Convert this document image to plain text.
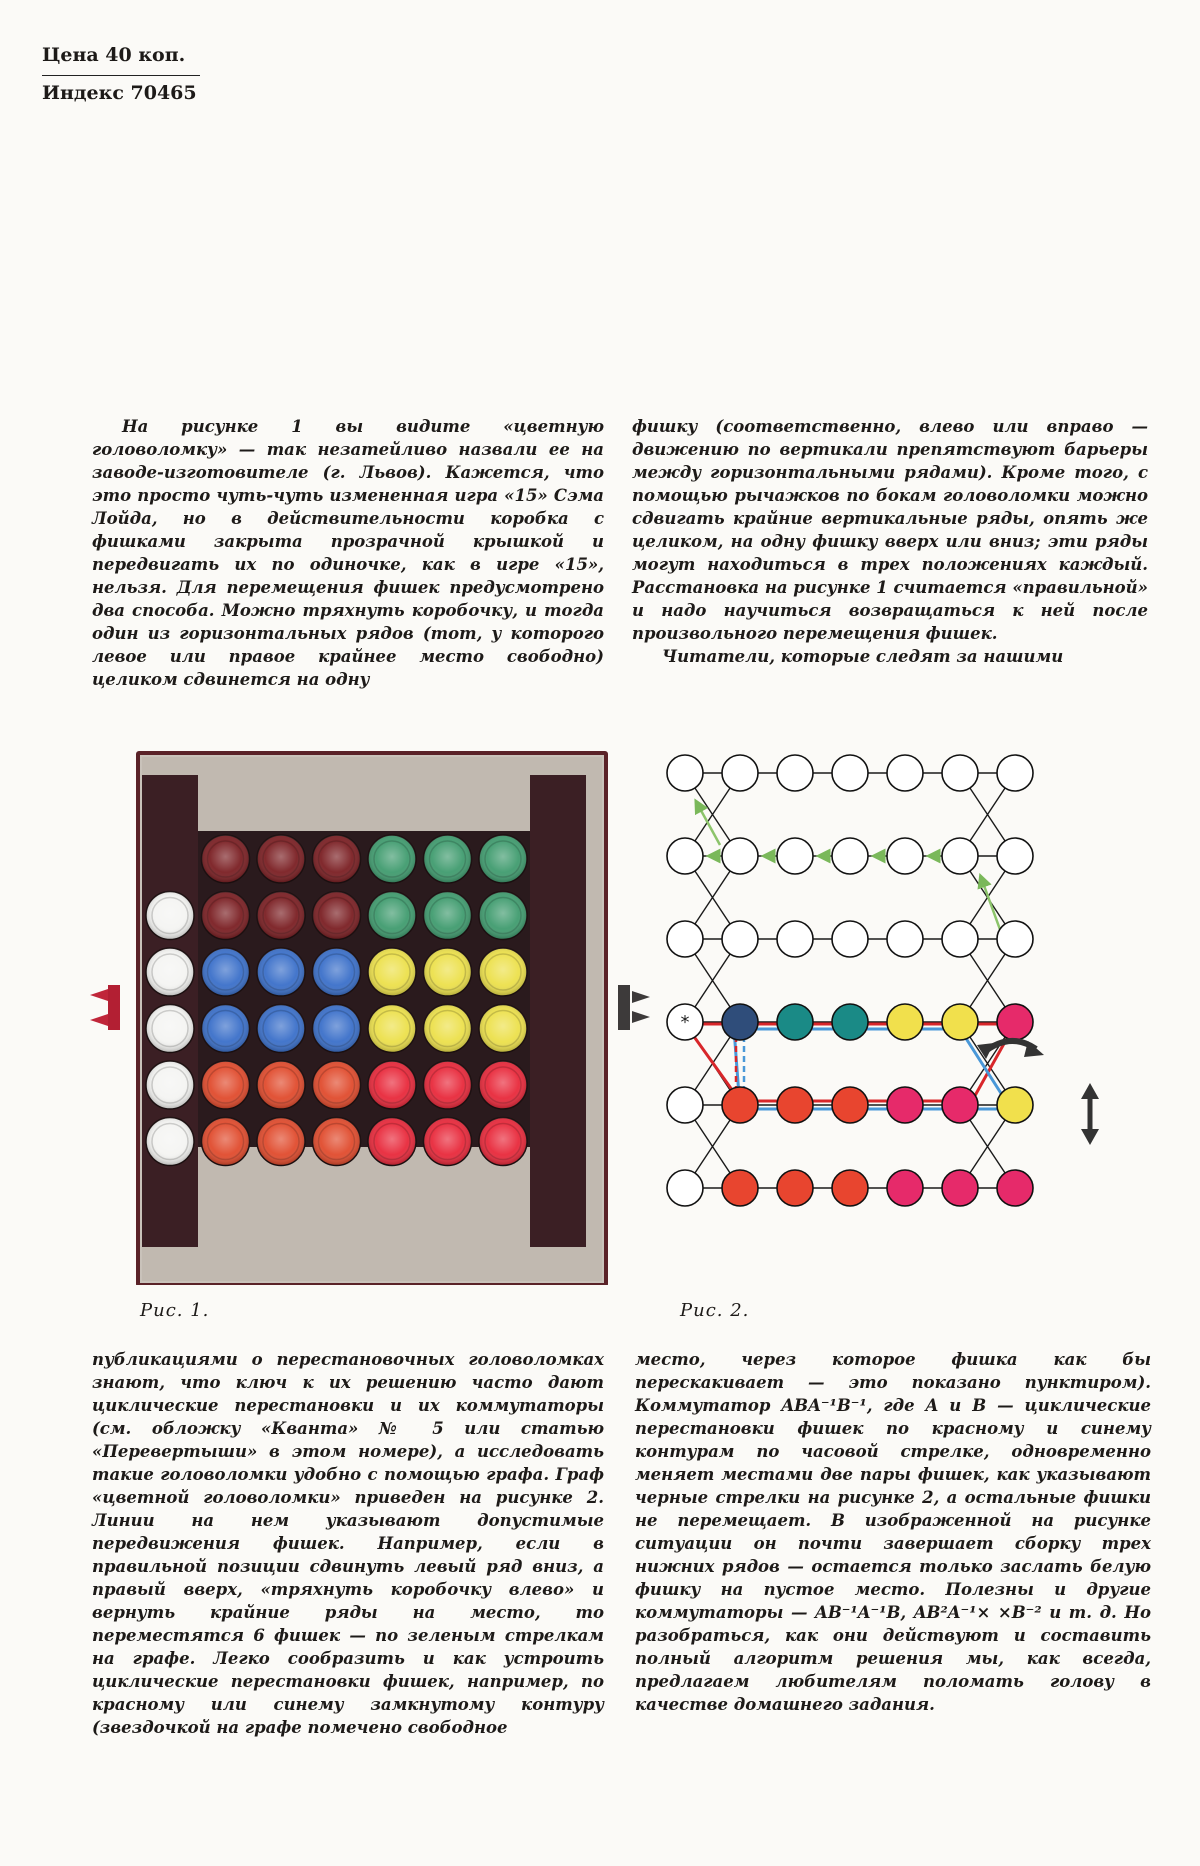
Цена 40 коп.
Индекс 70465

На рисунке 1 вы видите «цветную головоломку» — так незатейливо назвали ее на заводе-изготовителе (г. Львов). Кажется, что это просто чуть-чуть измененная игра «15» Сэма Лойда, но в действительности коробка с фишками закрыта прозрачной крышкой и передвигать их по одиночке, как в игре «15», нельзя. Для перемещения фишек предусмотрено два способа. Можно тряхнуть коробочку, и тогда один из горизонтальных рядов (тот, у которого левое или правое крайнее место свободно) целиком сдвинется на одну

фишку (соответственно, влево или вправо — движению по вертикали препятствуют барьеры между горизонтальными рядами). Кроме того, с помощью рычажков по бокам головоломки можно сдвигать крайние вертикальные ряды, опять же целиком, на одну фишку вверх или вниз; эти ряды могут находиться в трех положениях каждый. Расстановка на рисунке 1 считается «правильной» и надо научиться возвращаться к ней после произвольного перемещения фишек.

Читатели, которые следят за нашими

*
Рис. 1.	Рис. 2.

публикациями о перестановочных головоломках знают, что ключ к их решению часто дают циклические перестановки и их коммутаторы (см. обложку «Кванта» № 5 или статью «Перевертыши» в этом номере), а исследовать такие головоломки удобно с помощью графа. Граф «цветной головоломки» приведен на рисунке 2. Линии на нем указывают допустимые передвижения фишек. Например, если в правильной позиции сдвинуть левый ряд вниз, а правый вверх, «тряхнуть коробочку влево» и вернуть крайние ряды на место, то переместятся 6 фишек — по зеленым стрелкам на графе. Легко сообразить и как устроить циклические перестановки фишек, например, по красному или синему замкнутому контуру (звездочкой на графе помечено свободное

место, через которое фишка как бы перескакивает — это показано пунктиром). Коммутатор ABA⁻¹B⁻¹, где A и B — циклические перестановки фишек по красному и синему контурам по часовой стрелке, одновременно меняет местами две пары фишек, как указывают черные стрелки на рисунке 2, а остальные фишки не перемещает. В изображенной на рисунке ситуации он почти завершает сборку трех нижних рядов — остается только заслать белую фишку на пустое место. Полезны и другие коммутаторы — AB⁻¹A⁻¹B, AB²A⁻¹× ×B⁻² и т. д. Но разобраться, как они действуют и составить полный алгоритм решения мы, как всегда, предлагаем любителям поломать голову в качестве домашнего задания.
